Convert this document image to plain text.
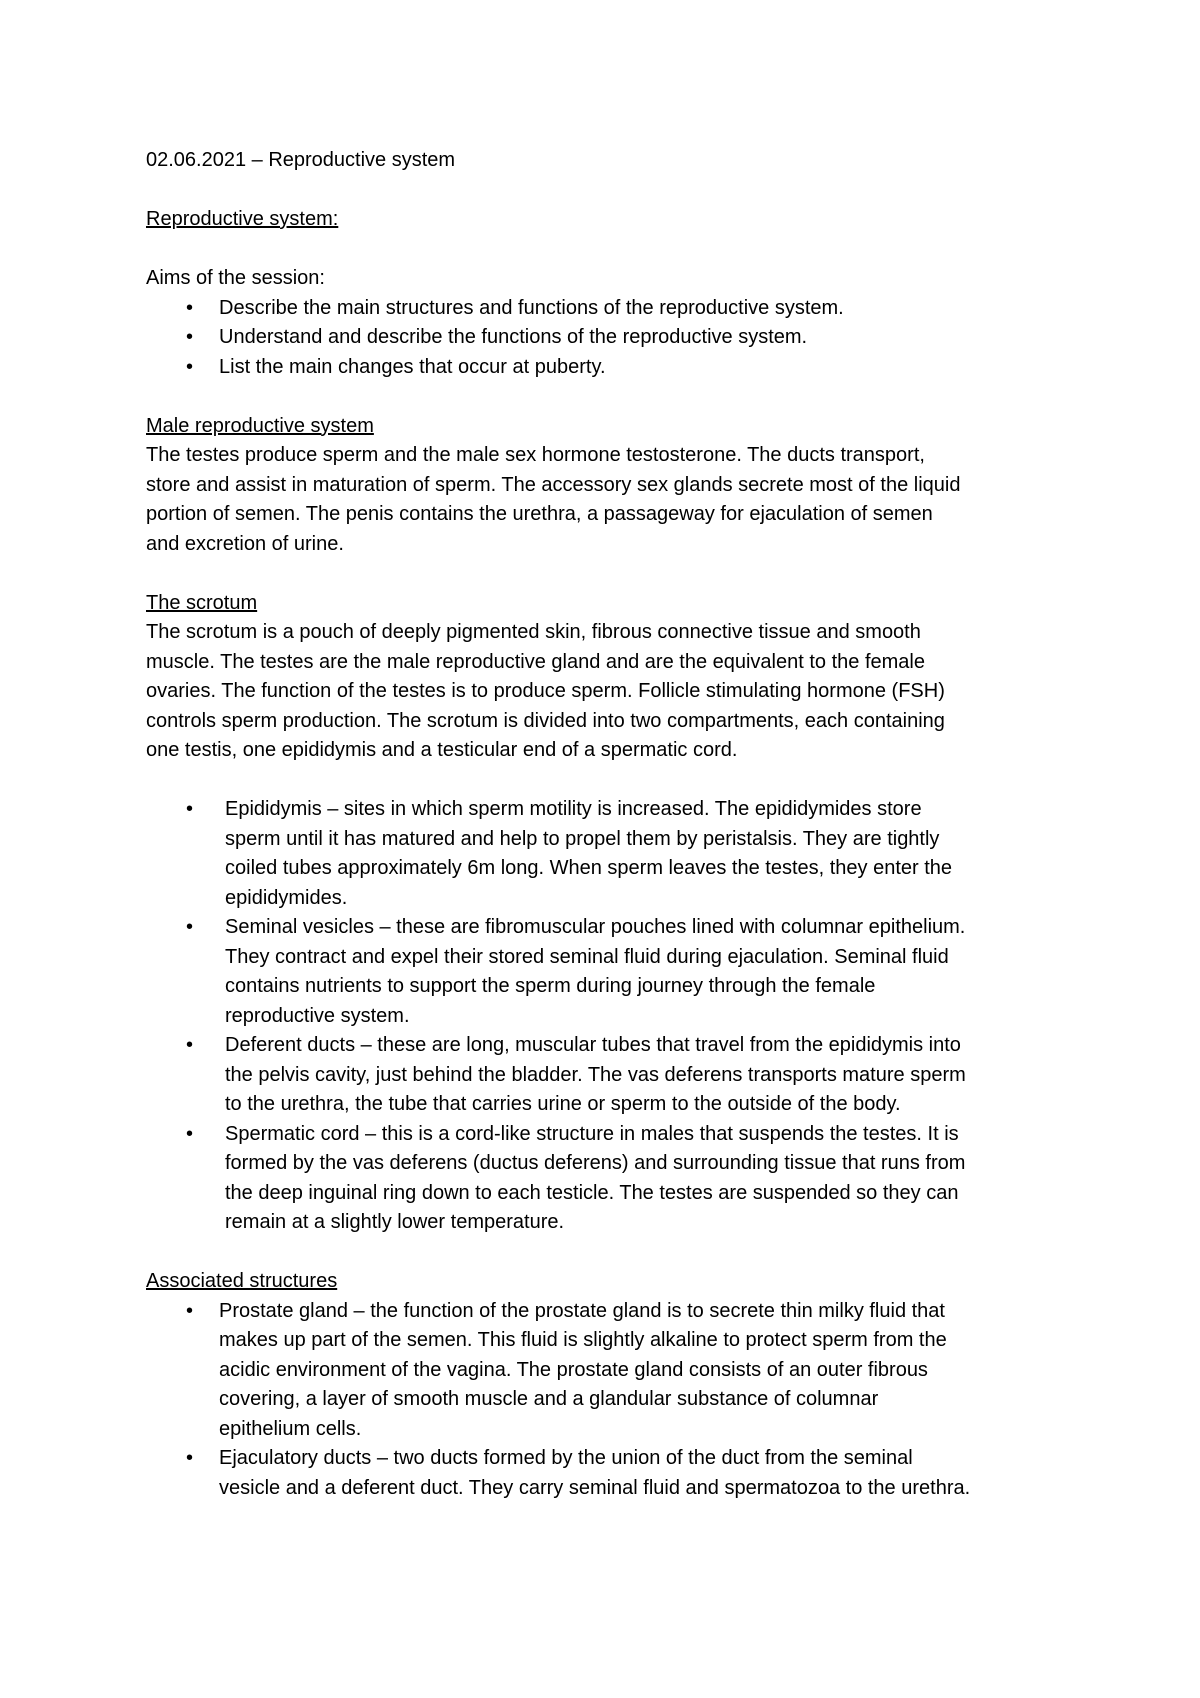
02.06.2021 – Reproductive system

Reproductive system:

Aims of the session:

• Describe the main structures and functions of the reproductive system.
• Understand and describe the functions of the reproductive system.
• List the main changes that occur at puberty.

Male reproductive system

The testes produce sperm and the male sex hormone testosterone. The ducts transport,

store and assist in maturation of sperm. The accessory sex glands secrete most of the liquid

portion of semen. The penis contains the urethra, a passageway for ejaculation of semen

and excretion of urine.

The scrotum

The scrotum is a pouch of deeply pigmented skin, fibrous connective tissue and smooth

muscle. The testes are the male reproductive gland and are the equivalent to the female

ovaries. The function of the testes is to produce sperm. Follicle stimulating hormone (FSH)

controls sperm production. The scrotum is divided into two compartments, each containing

one testis, one epididymis and a testicular end of a spermatic cord.

• Epididymis – sites in which sperm motility is increased. The epididymides store

sperm until it has matured and help to propel them by peristalsis. They are tightly

coiled tubes approximately 6m long. When sperm leaves the testes, they enter the

epididymides.

• Seminal vesicles – these are fibromuscular pouches lined with columnar epithelium.

They contract and expel their stored seminal fluid during ejaculation. Seminal fluid

contains nutrients to support the sperm during journey through the female

reproductive system.

• Deferent ducts – these are long, muscular tubes that travel from the epididymis into

the pelvis cavity, just behind the bladder. The vas deferens transports mature sperm

to the urethra, the tube that carries urine or sperm to the outside of the body.

• Spermatic cord – this is a cord-like structure in males that suspends the testes. It is

formed by the vas deferens (ductus deferens) and surrounding tissue that runs from

the deep inguinal ring down to each testicle. The testes are suspended so they can

remain at a slightly lower temperature.

Associated structures

• Prostate gland – the function of the prostate gland is to secrete thin milky fluid that

makes up part of the semen. This fluid is slightly alkaline to protect sperm from the

acidic environment of the vagina. The prostate gland consists of an outer fibrous

covering, a layer of smooth muscle and a glandular substance of columnar

epithelium cells.

• Ejaculatory ducts – two ducts formed by the union of the duct from the seminal

vesicle and a deferent duct. They carry seminal fluid and spermatozoa to the urethra.
